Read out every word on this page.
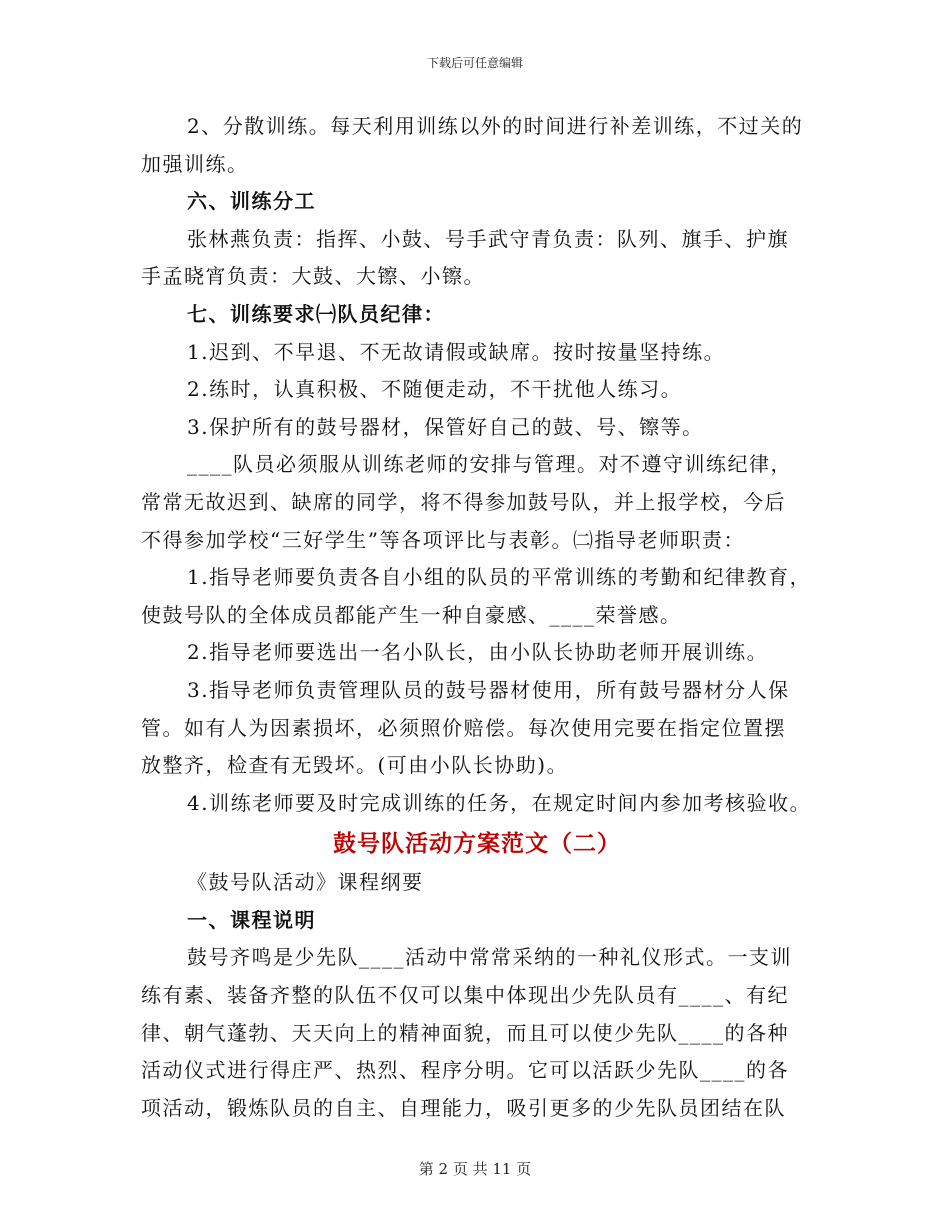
下载后可任意编辑

2、分散训练。每天利用训练以外的时间进行补差训练，不过关的

加强训练。

六、训练分工

张林燕负责：指挥、小鼓、号手武守青负责：队列、旗手、护旗

手孟晓宵负责：大鼓、大镲、小镲。

七、训练要求㈠队员纪律：

1.迟到、不早退、不无故请假或缺席。按时按量坚持练。

2.练时，认真积极、不随便走动，不干扰他人练习。

3.保护所有的鼓号器材，保管好自己的鼓、号、镲等。

____队员必须服从训练老师的安排与管理。对不遵守训练纪律，

常常无故迟到、缺席的同学，将不得参加鼓号队，并上报学校，今后

不得参加学校“三好学生”等各项评比与表彰。㈡指导老师职责：

1.指导老师要负责各自小组的队员的平常训练的考勤和纪律教育，

使鼓号队的全体成员都能产生一种自豪感、____荣誉感。

2.指导老师要选出一名小队长，由小队长协助老师开展训练。

3.指导老师负责管理队员的鼓号器材使用，所有鼓号器材分人保

管。如有人为因素损坏，必须照价赔偿。每次使用完要在指定位置摆

放整齐，检查有无毁坏。(可由小队长协助)。

4.训练老师要及时完成训练的任务，在规定时间内参加考核验收。

鼓号队活动方案范文（二）

《鼓号队活动》课程纲要

一、课程说明

鼓号齐鸣是少先队____活动中常常采纳的一种礼仪形式。一支训

练有素、装备齐整的队伍不仅可以集中体现出少先队员有____、有纪

律、朝气蓬勃、天天向上的精神面貌，而且可以使少先队____的各种

活动仪式进行得庄严、热烈、程序分明。它可以活跃少先队____的各

项活动，锻炼队员的自主、自理能力，吸引更多的少先队员团结在队

第 2 页 共 11 页
